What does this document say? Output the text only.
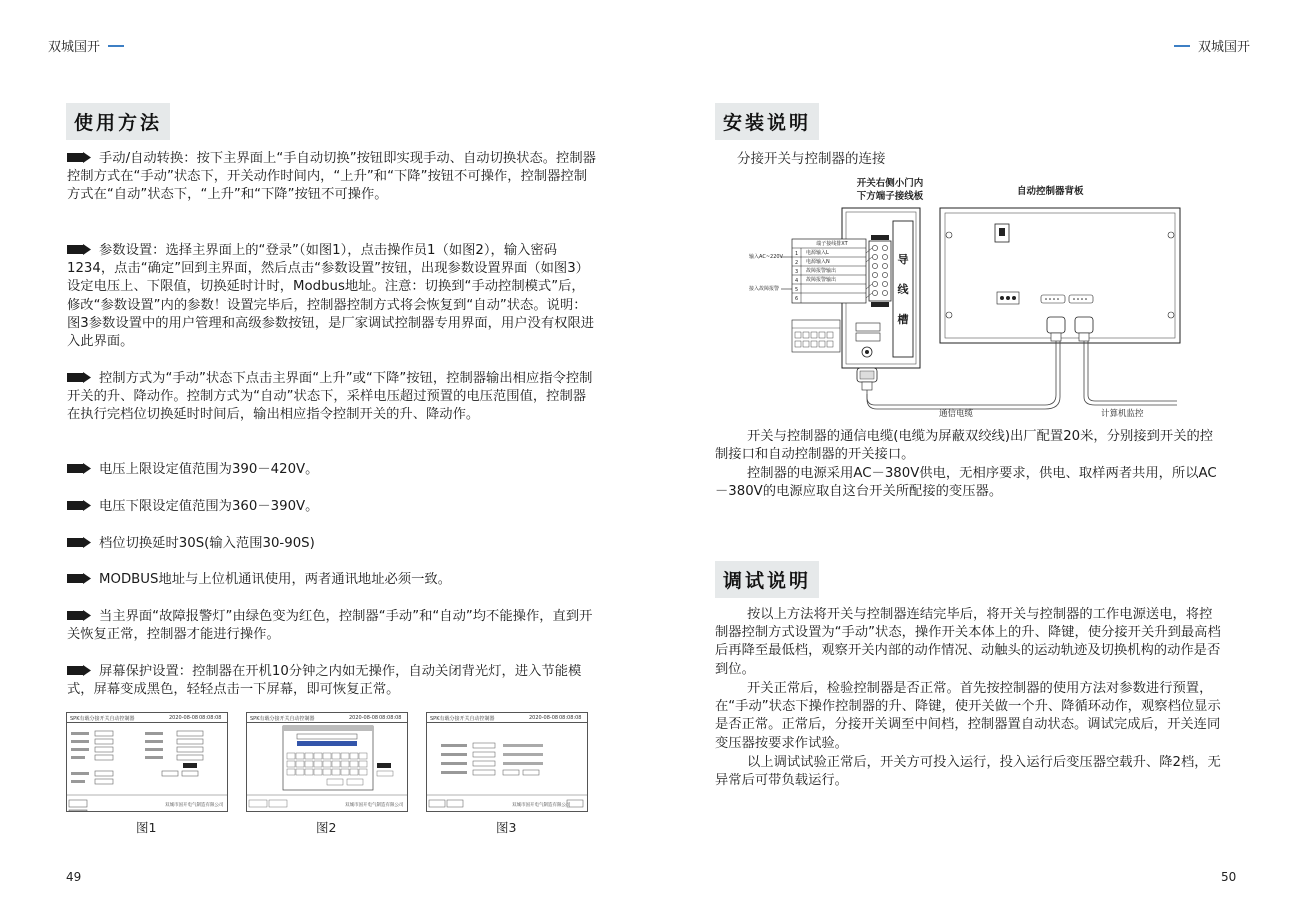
双城国开	双城国开
使用方法
手动/自动转换：按下主界面上“手自动切换”按钮即实现手动、自动切换状态。控制器控制方式在“手动”状态下，开关动作时间内，“上升”和“下降”按钮不可操作，控制器控制方式在“自动”状态下，“上升”和“下降”按钮不可操作。
参数设置：选择主界面上的“登录”（如图1），点击操作员1（如图2），输入密码1234，点击“确定”回到主界面，然后点击“参数设置”按钮，出现参数设置界面（如图3）设定电压上、下限值，切换延时计时，Modbus地址。注意：切换到“手动控制模式”后，修改“参数设置”内的参数！设置完毕后，控制器控制方式将会恢复到“自动”状态。说明：图3参数设置中的用户管理和高级参数按钮，是厂家调试控制器专用界面，用户没有权限进入此界面。
控制方式为“手动”状态下点击主界面“上升”或“下降”按钮，控制器输出相应指令控制开关的升、降动作。控制方式为“自动”状态下，采样电压超过预置的电压范围值，控制器在执行完档位切换延时时间后，输出相应指令控制开关的升、降动作。
电压上限设定值范围为390－420V。
电压下限设定值范围为360－390V。
档位切换延时30S(输入范围30-90S)
MODBUS地址与上位机通讯使用，两者通讯地址必须一致。
当主界面“故障报警灯”由绿色变为红色，控制器“手动”和“自动”均不能操作，直到开关恢复正常，控制器才能进行操作。
屏幕保护设置：控制器在开机10分钟之内如无操作，自动关闭背光灯，进入节能模式，屏幕变成黑色，轻轻点击一下屏幕，即可恢复正常。
SPK有载分接开关自动控制器	2020-08-08 08:08:08
双城市国开电气制造有限公司
图1
SPK有载分接开关自动控制器	2020-08-08 08:08:08
双城市国开电气制造有限公司
图2
SPK有载分接开关自动控制器	2020-08-08 08:08:08
双城市国开电气制造有限公司
图3
49
安装说明
分接开关与控制器的连接
开关右侧小门内
下方端子接线板	自动控制器背板
1
2
3
4
5
6
端子接线排XT
电源输入L
电源输入N
故障报警输出
故障报警输出
输入AC~220V
接入故障报警
导
线
槽
通信电缆	计算机监控
开关与控制器的通信电缆(电缆为屏蔽双绞线)出厂配置20米，分别接到开关的控制接口和自动控制器的开关接口。
控制器的电源采用AC－380V供电，无相序要求，供电、取样两者共用，所以AC－380V的电源应取自这台开关所配接的变压器。
调试说明
按以上方法将开关与控制器连结完毕后，将开关与控制器的工作电源送电，将控制器控制方式设置为“手动”状态，操作开关本体上的升、降键，使分接开关升到最高档后再降至最低档，观察开关内部的动作情况、动触头的运动轨迹及切换机构的动作是否到位。
开关正常后，检验控制器是否正常。首先按控制器的使用方法对参数进行预置，在“手动”状态下操作控制器的升、降键，使开关做一个升、降循环动作，观察档位显示是否正常。正常后，分接开关调至中间档，控制器置自动状态。调试完成后，开关连同变压器按要求作试验。
以上调试试验正常后，开关方可投入运行，投入运行后变压器空载升、降2档，无异常后可带负载运行。
50
